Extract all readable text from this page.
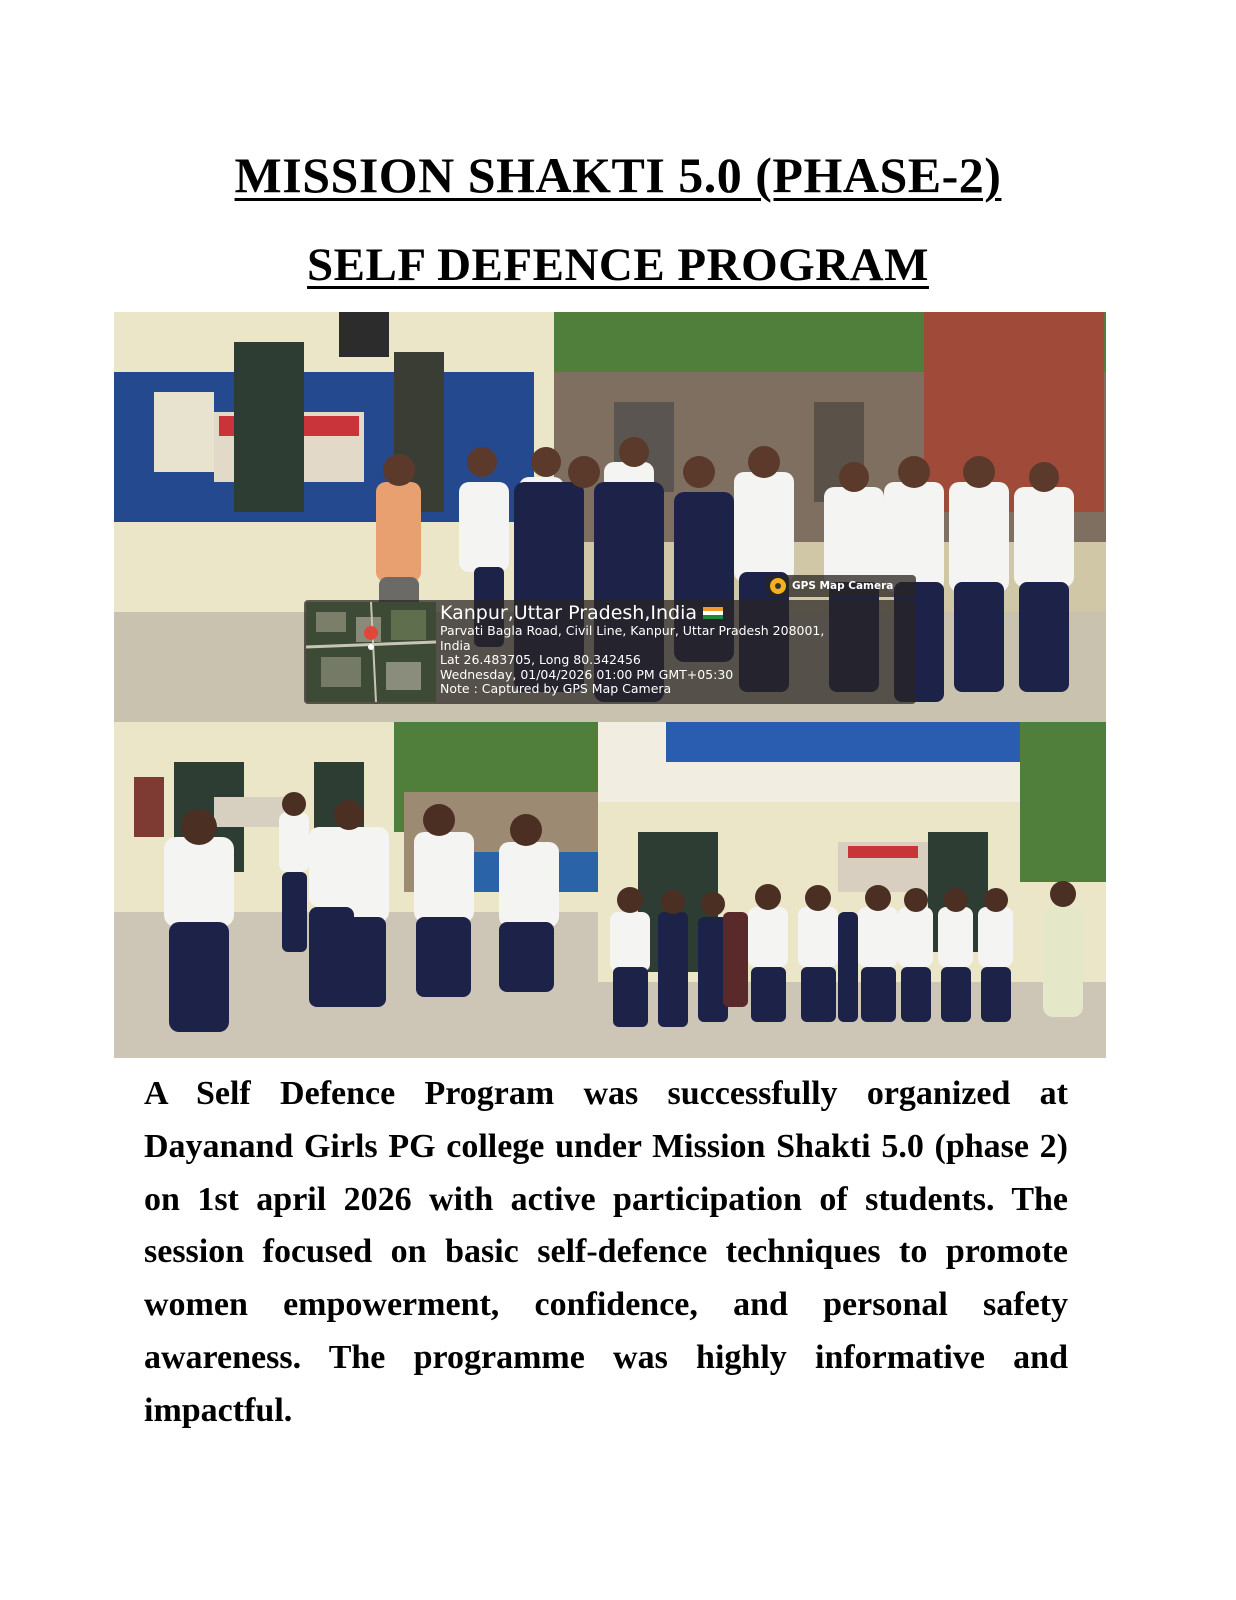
MISSION SHAKTI 5.0 (PHASE-2)
SELF DEFENCE PROGRAM
GPS Map Camera
Kanpur,Uttar Pradesh,India
Parvati Bagla Road, Civil Line, Kanpur, Uttar Pradesh 208001,
India
Lat 26.483705, Long 80.342456
Wednesday, 01/04/2026 01:00 PM GMT+05:30
Note : Captured by GPS Map Camera

A Self Defence Program was successfully organized at Dayanand Girls PG college under Mission Shakti 5.0 (phase 2) on 1st april 2026 with active participation of students. The session focused on basic self-defence techniques to promote women empowerment, confidence, and personal safety awareness. The programme was highly informative and impactful.
